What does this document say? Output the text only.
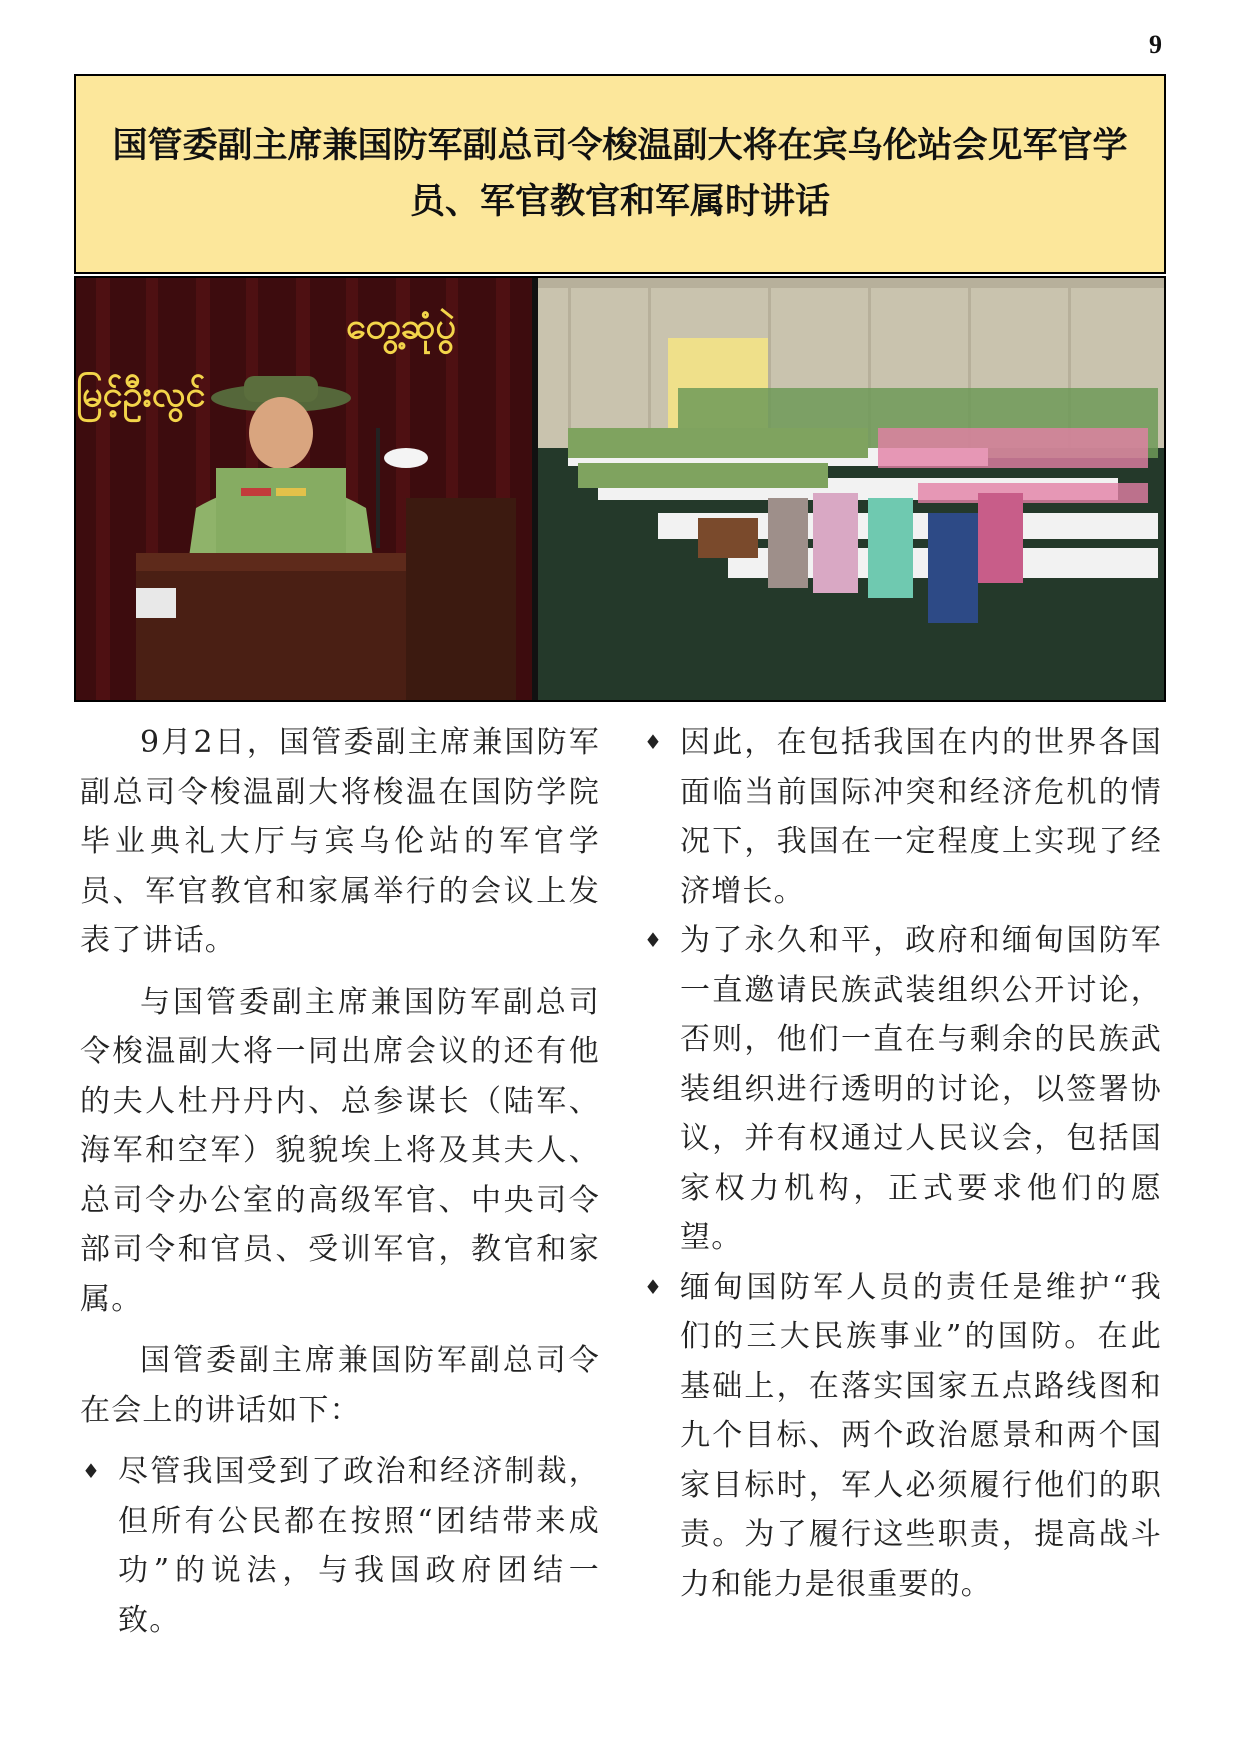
9
国管委副主席兼国防军副总司令梭温副大将在宾乌伦站会见军官学员、军官教官和军属时讲话
တွေ့ဆုံပွဲ
မြင့်ဦးလွင်

9月2日，国管委副主席兼国防军副总司令梭温副大将梭温在国防学院毕业典礼大厅与宾乌伦站的军官学员、军官教官和家属举行的会议上发表了讲话。

与国管委副主席兼国防军副总司令梭温副大将一同出席会议的还有他的夫人杜丹丹内、总参谋长（陆军、海军和空军）貌貌埃上将及其夫人、总司令办公室的高级军官、中央司令部司令和官员、受训军官，教官和家属。

国管委副主席兼国防军副总司令在会上的讲话如下：

♦ 尽管我国受到了政治和经济制裁，但所有公民都在按照“团结带来成功”的说法，与我国政府团结一致。
♦ 因此，在包括我国在内的世界各国面临当前国际冲突和经济危机的情况下，我国在一定程度上实现了经济增长。
♦ 为了永久和平，政府和缅甸国防军一直邀请民族武装组织公开讨论，否则，他们一直在与剩余的民族武装组织进行透明的讨论，以签署协议，并有权通过人民议会，包括国家权力机构，正式要求他们的愿望。
♦ 缅甸国防军人员的责任是维护“我们的三大民族事业”的国防。在此基础上，在落实国家五点路线图和九个目标、两个政治愿景和两个国家目标时，军人必须履行他们的职责。为了履行这些职责，提高战斗力和能力是很重要的。
